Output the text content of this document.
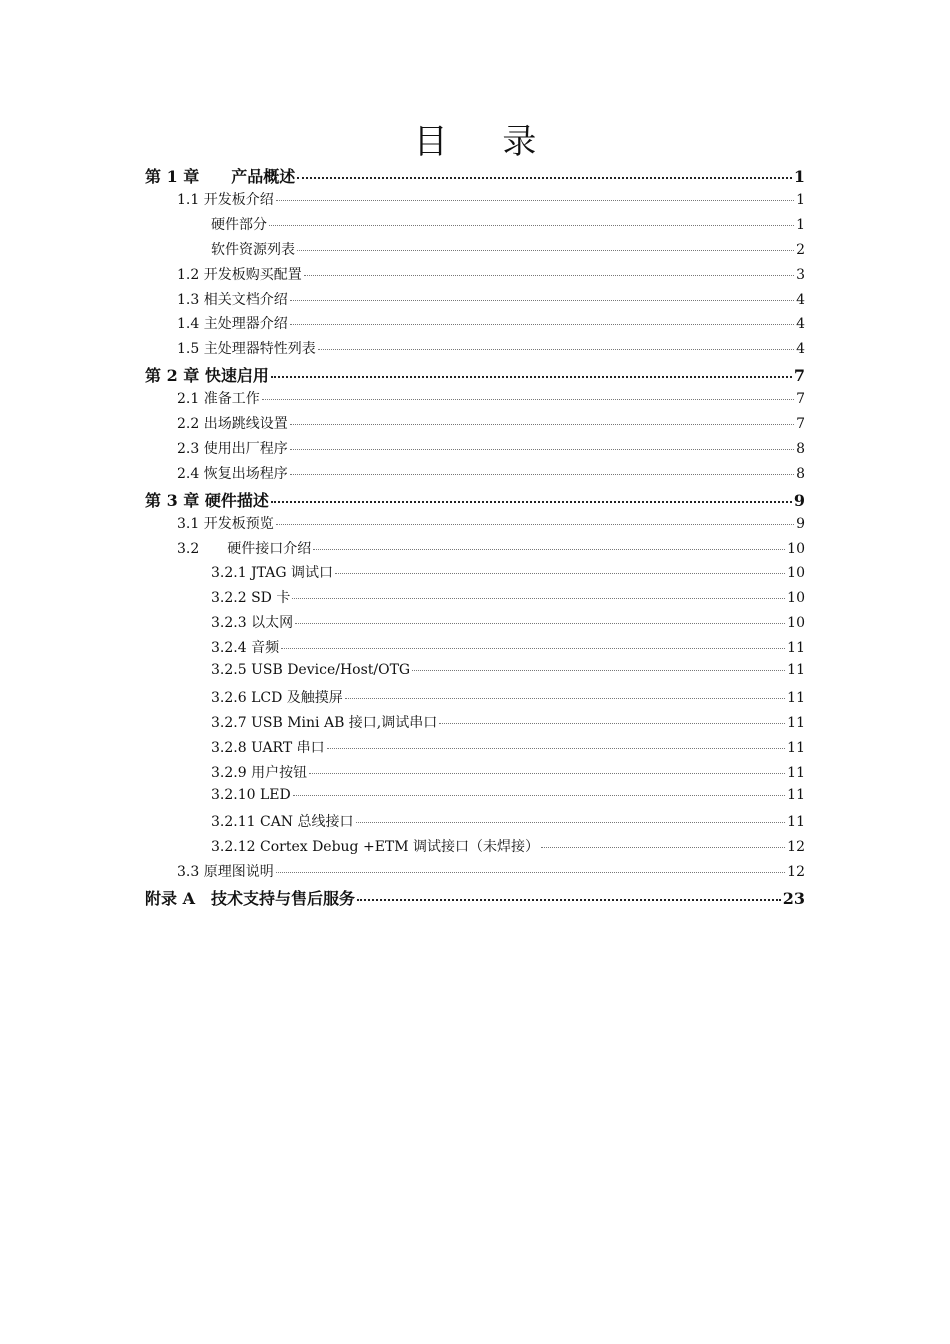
目 录
第 1 章　　产品概述	1
1.1 开发板介绍	1
硬件部分	1
软件资源列表	2
1.2 开发板购买配置	3
1.3 相关文档介绍	4
1.4 主处理器介绍	4
1.5 主处理器特性列表	4
第 2 章 快速启用	7
2.1 准备工作	7
2.2 出场跳线设置	7
2.3 使用出厂程序	8
2.4 恢复出场程序	8
第 3 章 硬件描述	9
3.1 开发板预览	9
3.2　　硬件接口介绍	10
3.2.1 JTAG 调试口	10
3.2.2 SD 卡	10
3.2.3 以太网	10
3.2.4 音频	11
3.2.5 USB Device/Host/OTG	11
3.2.6 LCD 及触摸屏	11
3.2.7 USB Mini AB 接口,调试串口	11
3.2.8 UART 串口	11
3.2.9 用户按钮	11
3.2.10 LED	11
3.2.11 CAN 总线接口	11
3.2.12 Cortex Debug +ETM 调试接口（未焊接）	12
3.3 原理图说明	12
附录 A　技术支持与售后服务	23
